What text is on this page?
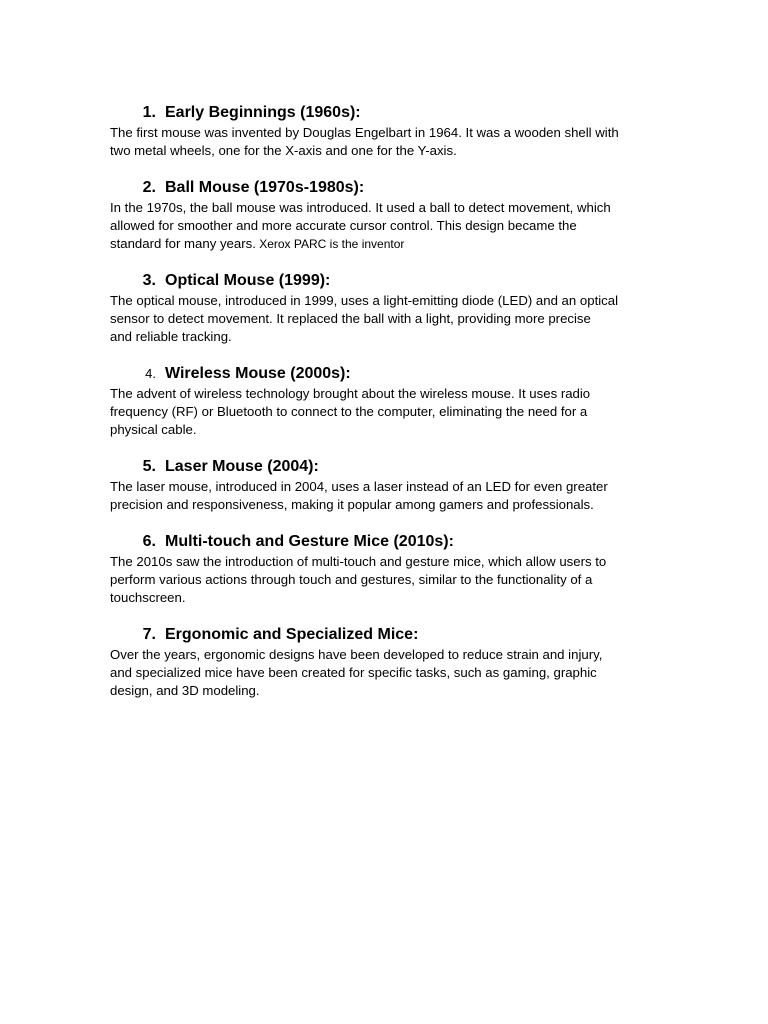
1. Early Beginnings (1960s):
The first mouse was invented by Douglas Engelbart in 1964. It was a wooden shell with
two metal wheels, one for the X-axis and one for the Y-axis.
2. Ball Mouse (1970s-1980s):
In the 1970s, the ball mouse was introduced. It used a ball to detect movement, which
allowed for smoother and more accurate cursor control. This design became the
standard for many years. Xerox PARC is the inventor
3. Optical Mouse (1999):
The optical mouse, introduced in 1999, uses a light-emitting diode (LED) and an optical
sensor to detect movement. It replaced the ball with a light, providing more precise
and reliable tracking.
4. Wireless Mouse (2000s):
The advent of wireless technology brought about the wireless mouse. It uses radio
frequency (RF) or Bluetooth to connect to the computer, eliminating the need for a
physical cable.
5. Laser Mouse (2004):
The laser mouse, introduced in 2004, uses a laser instead of an LED for even greater
precision and responsiveness, making it popular among gamers and professionals.
6. Multi-touch and Gesture Mice (2010s):
The 2010s saw the introduction of multi-touch and gesture mice, which allow users to
perform various actions through touch and gestures, similar to the functionality of a
touchscreen.
7. Ergonomic and Specialized Mice:
Over the years, ergonomic designs have been developed to reduce strain and injury,
and specialized mice have been created for specific tasks, such as gaming, graphic
design, and 3D modeling.
